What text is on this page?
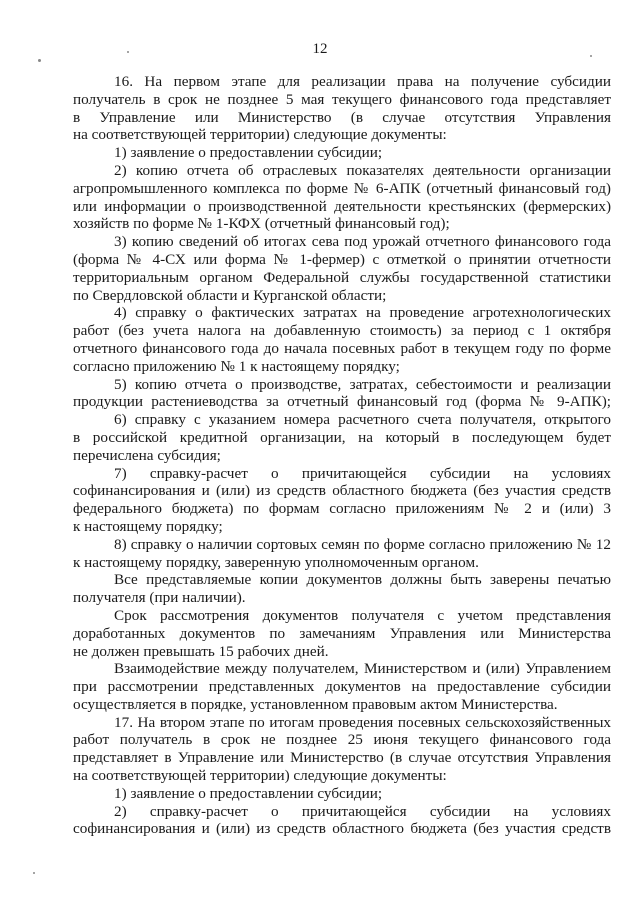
12
16. На первом этапе для реализации права на получение субсидии
получатель в срок не позднее 5 мая текущего финансового года представляет
в Управление или Министерство (в случае отсутствия Управления
на соответствующей территории) следующие документы:
1) заявление о предоставлении субсидии;
2) копию отчета об отраслевых показателях деятельности организации
агропромышленного комплекса по форме № 6-АПК (отчетный финансовый год)
или информации о производственной деятельности крестьянских (фермерских)
хозяйств по форме № 1-КФХ (отчетный финансовый год);
3) копию сведений об итогах сева под урожай отчетного финансового года
(форма № 4-СХ или форма № 1-фермер) с отметкой о принятии отчетности
территориальным органом Федеральной службы государственной статистики
по Свердловской области и Курганской области;
4) справку о фактических затратах на проведение агротехнологических
работ (без учета налога на добавленную стоимость) за период с 1 октября
отчетного финансового года до начала посевных работ в текущем году по форме
согласно приложению № 1 к настоящему порядку;
5) копию отчета о производстве, затратах, себестоимости и реализации
продукции растениеводства за отчетный финансовый год (форма № 9-АПК);
6) справку с указанием номера расчетного счета получателя, открытого
в российской кредитной организации, на который в последующем будет
перечислена субсидия;
7) справку-расчет о причитающейся субсидии на условиях
софинансирования и (или) из средств областного бюджета (без участия средств
федерального бюджета) по формам согласно приложениям № 2 и (или) 3
к настоящему порядку;
8) справку о наличии сортовых семян по форме согласно приложению № 12
к настоящему порядку, заверенную уполномоченным органом.
Все представляемые копии документов должны быть заверены печатью
получателя (при наличии).
Срок рассмотрения документов получателя с учетом представления
доработанных документов по замечаниям Управления или Министерства
не должен превышать 15 рабочих дней.
Взаимодействие между получателем, Министерством и (или) Управлением
при рассмотрении представленных документов на предоставление субсидии
осуществляется в порядке, установленном правовым актом Министерства.
17. На втором этапе по итогам проведения посевных сельскохозяйственных
работ получатель в срок не позднее 25 июня текущего финансового года
представляет в Управление или Министерство (в случае отсутствия Управления
на соответствующей территории) следующие документы:
1) заявление о предоставлении субсидии;
2) справку-расчет о причитающейся субсидии на условиях
софинансирования и (или) из средств областного бюджета (без участия средств
